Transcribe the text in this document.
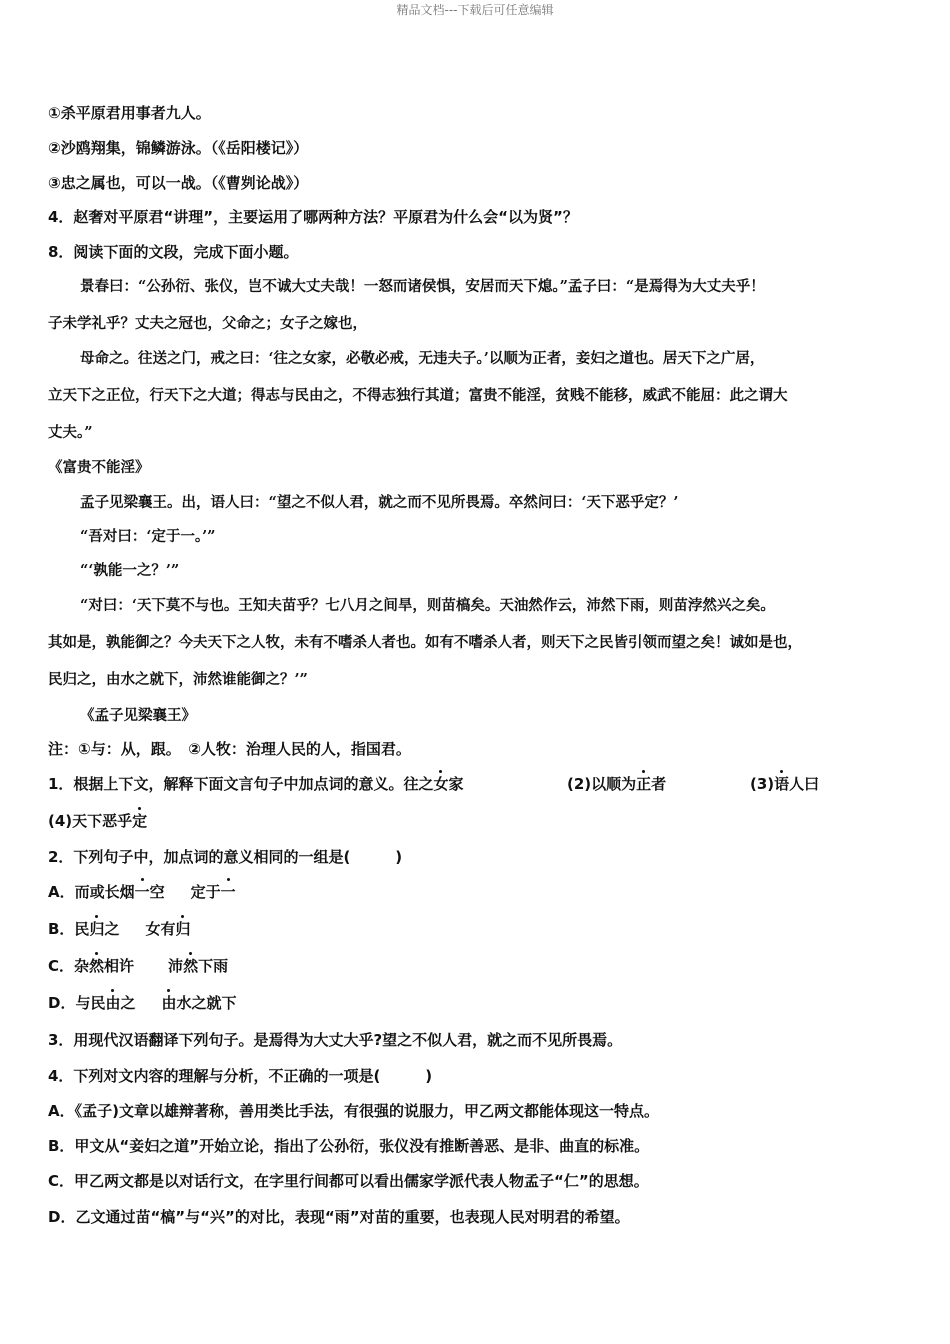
精品文档---下载后可任意编辑
①杀平原君用事者九人。
②沙鸥翔集，锦鳞游泳。（《岳阳楼记》）
③忠之属也，可以一战。（《曹刿论战》）
4．赵奢对平原君“讲理”，主要运用了哪两种方法？平原君为什么会“以为贤”？
8．阅读下面的文段，完成下面小题。
景春曰：“公孙衍、张仪，岂不诚大丈夫哉！一怒而诸侯惧，安居而天下熄。”孟子曰：“是焉得为大丈夫乎！
子未学礼乎？丈夫之冠也，父命之；女子之嫁也，
母命之。往送之门，戒之曰：‘往之女家，必敬必戒，无违夫子。’以顺为正者，妾妇之道也。居天下之广居，
立天下之正位，行天下之大道；得志与民由之，不得志独行其道；富贵不能淫，贫贱不能移，威武不能屈：此之谓大
丈夫。”
《富贵不能淫》
孟子见梁襄王。出，语人曰：“望之不似人君，就之而不见所畏焉。卒然问曰：‘天下恶乎定？’
“吾对曰：‘定于一。’”
“‘孰能一之？’”
“对曰：‘天下莫不与也。王知夫苗乎？七八月之间旱，则苗槁矣。天油然作云，沛然下雨，则苗浡然兴之矣。
其如是，孰能御之？今夫天下之人牧，未有不嗜杀人者也。如有不嗜杀人者，则天下之民皆引领而望之矣！诚如是也，
民归之，由水之就下，沛然谁能御之？’”
《孟子见梁襄王》
注：①与：从，跟。　②人牧：治理人民的人，指国君。
1．根据上下文，解释下面文言句子中加点词的意义。往之女家	(2)以顺为正者	(3)语人曰
(4)天下恶乎定
2．下列句子中，加点词的意义相同的一组是(　　　)
A．而或长烟一空 定于一
B．民归之 女有归
C．杂然相许 沛然下雨
D．与民由之 由水之就下
3．用现代汉语翻译下列句子。是焉得为大丈大乎?望之不似人君，就之而不见所畏焉。
4．下列对文内容的理解与分析，不正确的一项是(　　　)
A．《孟子)文章以雄辩著称，善用类比手法，有很强的说服力，甲乙两文都能体现这一特点。
B．甲文从“妾妇之道”开始立论，指出了公孙衍，张仪没有推断善恶、是非、曲直的标准。
C．甲乙两文都是以对话行文，在字里行间都可以看出儒家学派代表人物孟子“仁”的思想。
D．乙文通过苗“槁”与“兴”的对比，表现“雨”对苗的重要，也表现人民对明君的希望。
